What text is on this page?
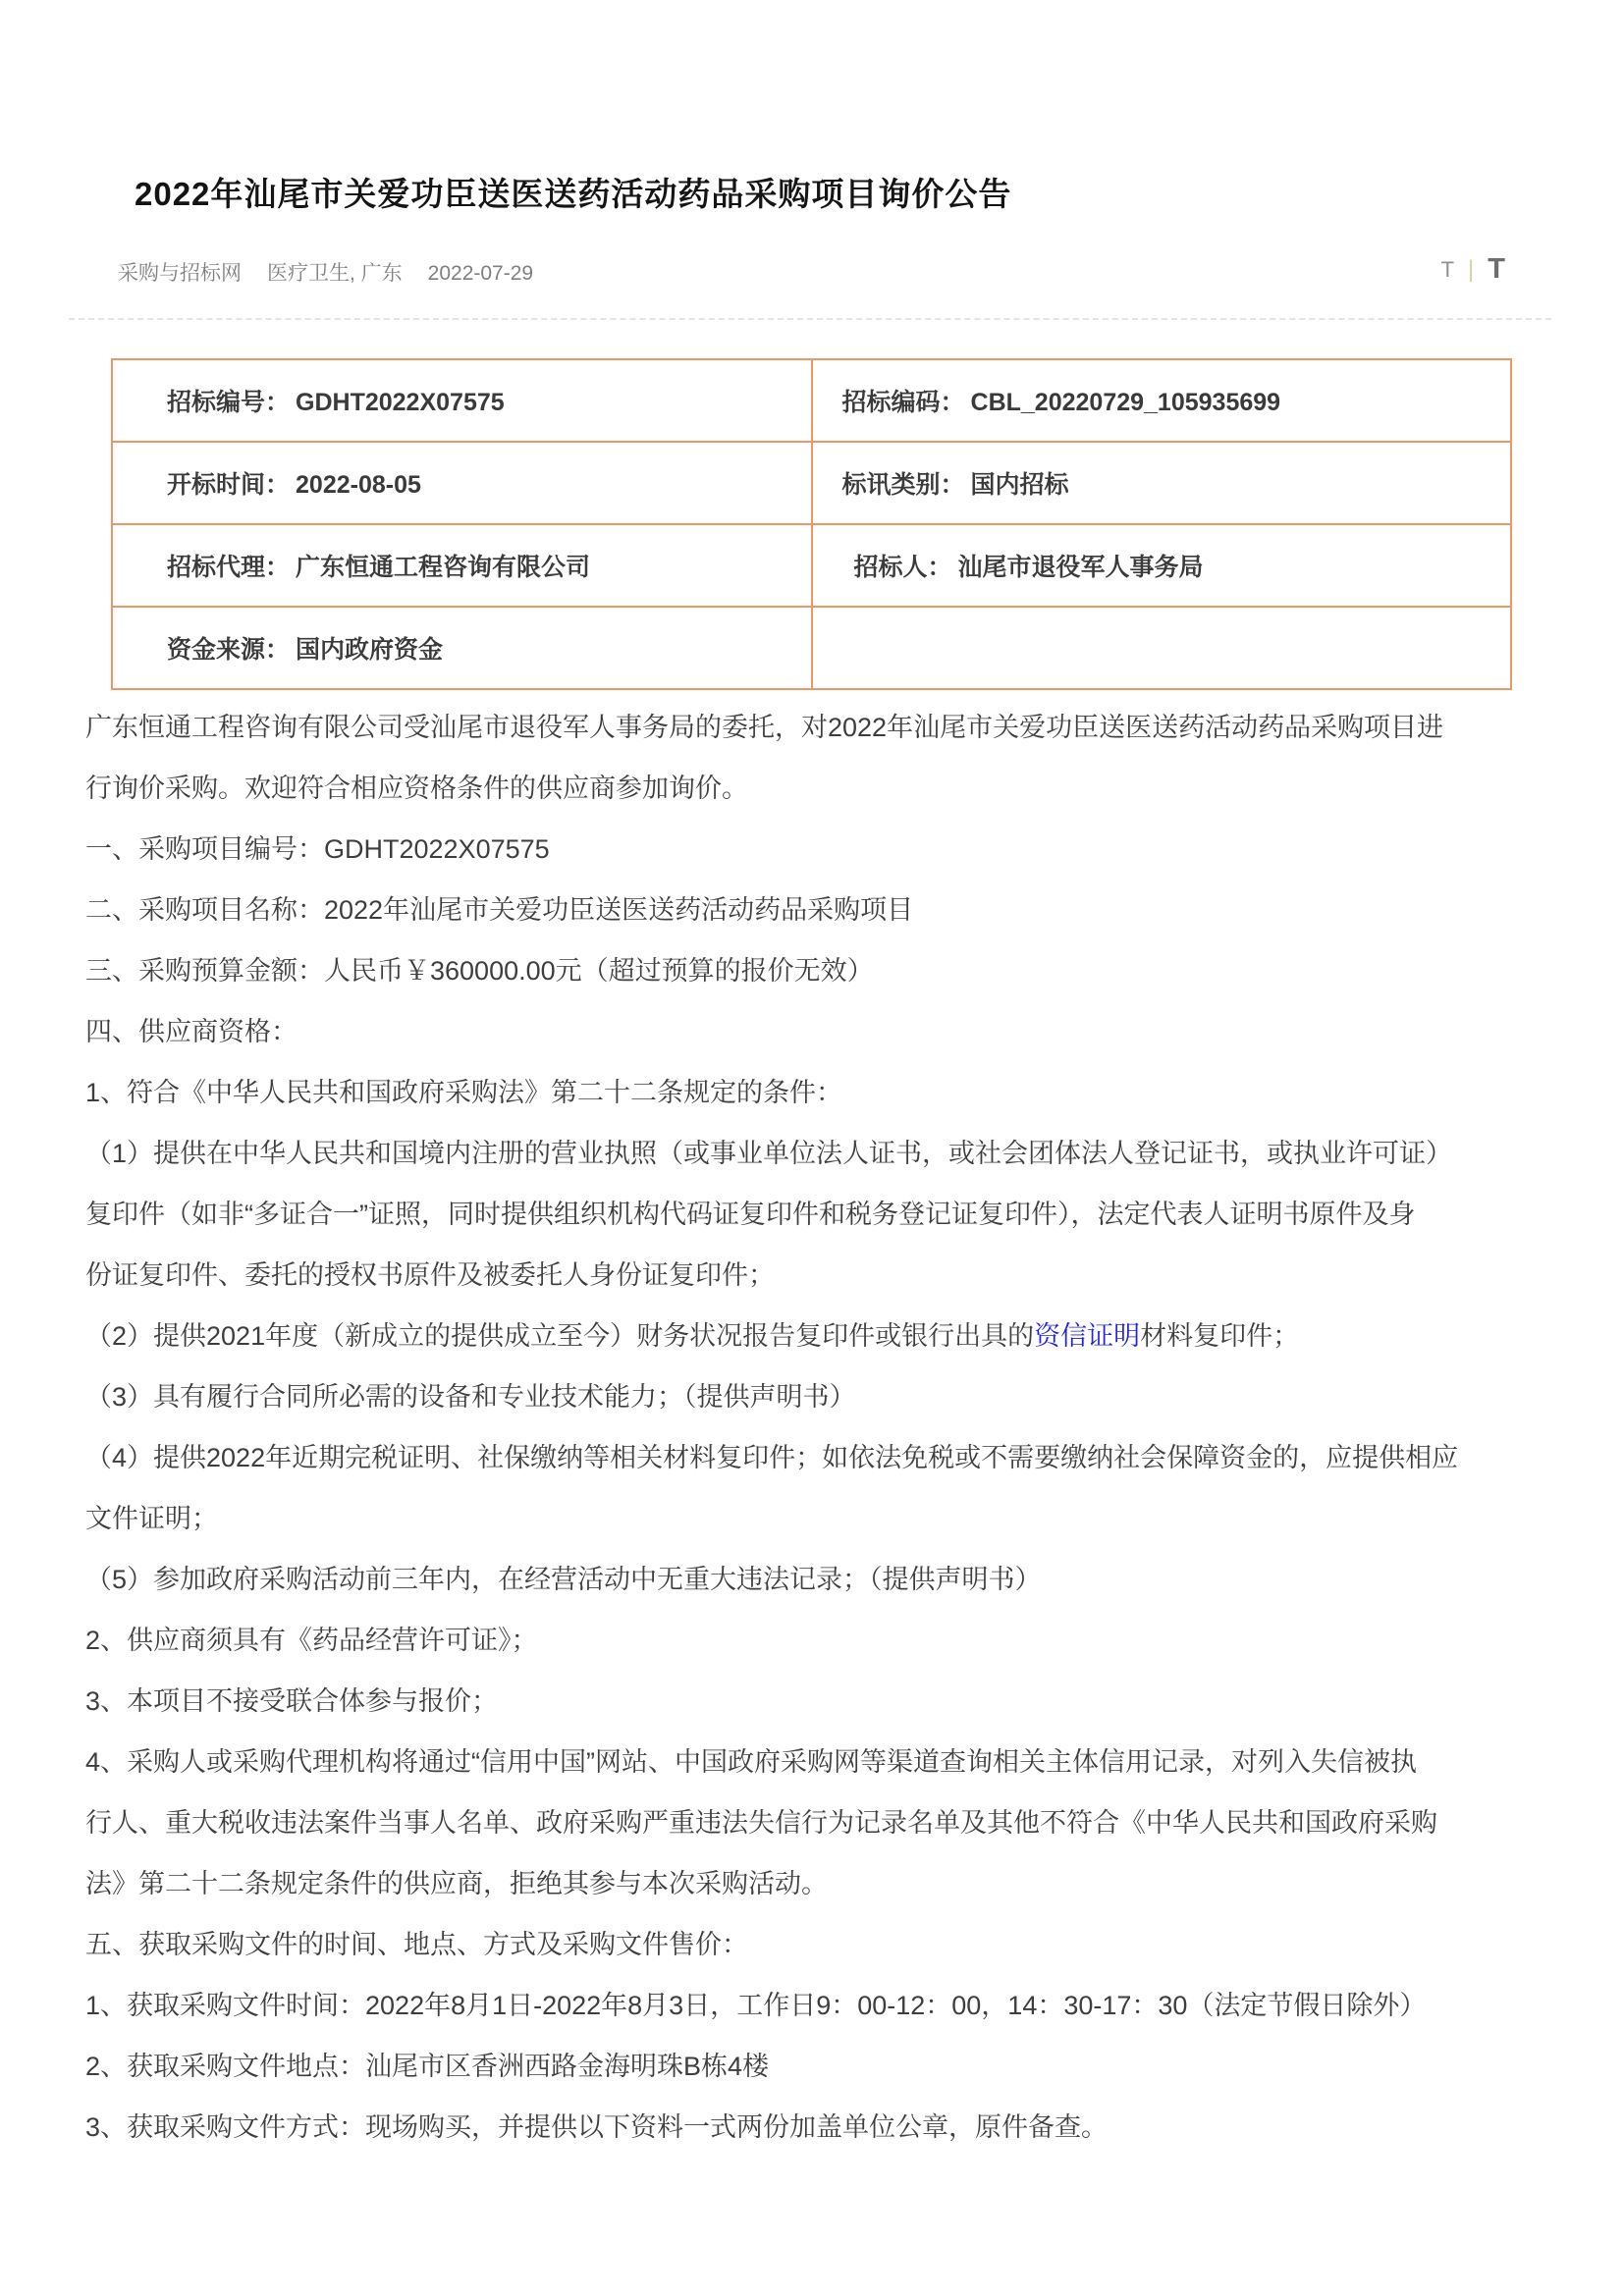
2022年汕尾市关爱功臣送医送药活动药品采购项目询价公告
采购与招标网 医疗卫生, 广东 2022-07-29	T | T
招标编号： GDHT2022X07575	招标编码： CBL_20220729_105935699
开标时间： 2022-08-05	标讯类别： 国内招标
招标代理： 广东恒通工程咨询有限公司	招标人： 汕尾市退役军人事务局
资金来源： 国内政府资金	
广东恒通工程咨询有限公司受汕尾市退役军人事务局的委托，对2022年汕尾市关爱功臣送医送药活动药品采购项目进
行询价采购。欢迎符合相应资格条件的供应商参加询价。
一、采购项目编号：GDHT2022X07575
二、采购项目名称：2022年汕尾市关爱功臣送医送药活动药品采购项目
三、采购预算金额：人民币￥360000.00元（超过预算的报价无效）
四、供应商资格：
1、符合《中华人民共和国政府采购法》第二十二条规定的条件：
（1）提供在中华人民共和国境内注册的营业执照（或事业单位法人证书，或社会团体法人登记证书，或执业许可证）
复印件（如非“多证合一”证照，同时提供组织机构代码证复印件和税务登记证复印件），法定代表人证明书原件及身
份证复印件、委托的授权书原件及被委托人身份证复印件；
（2）提供2021年度（新成立的提供成立至今）财务状况报告复印件或银行出具的资信证明材料复印件；
（3）具有履行合同所必需的设备和专业技术能力；（提供声明书）
（4）提供2022年近期完税证明、社保缴纳等相关材料复印件；如依法免税或不需要缴纳社会保障资金的，应提供相应
文件证明；
（5）参加政府采购活动前三年内，在经营活动中无重大违法记录；（提供声明书）
2、供应商须具有《药品经营许可证》；
3、本项目不接受联合体参与报价；
4、采购人或采购代理机构将通过“信用中国”网站、中国政府采购网等渠道查询相关主体信用记录，对列入失信被执
行人、重大税收违法案件当事人名单、政府采购严重违法失信行为记录名单及其他不符合《中华人民共和国政府采购
法》第二十二条规定条件的供应商，拒绝其参与本次采购活动。
五、获取采购文件的时间、地点、方式及采购文件售价：
1、获取采购文件时间：2022年8月1日-2022年8月3日，工作日9：00-12：00，14：30-17：30（法定节假日除外）
2、获取采购文件地点：汕尾市区香洲西路金海明珠B栋4楼
3、获取采购文件方式：现场购买，并提供以下资料一式两份加盖单位公章，原件备查。
